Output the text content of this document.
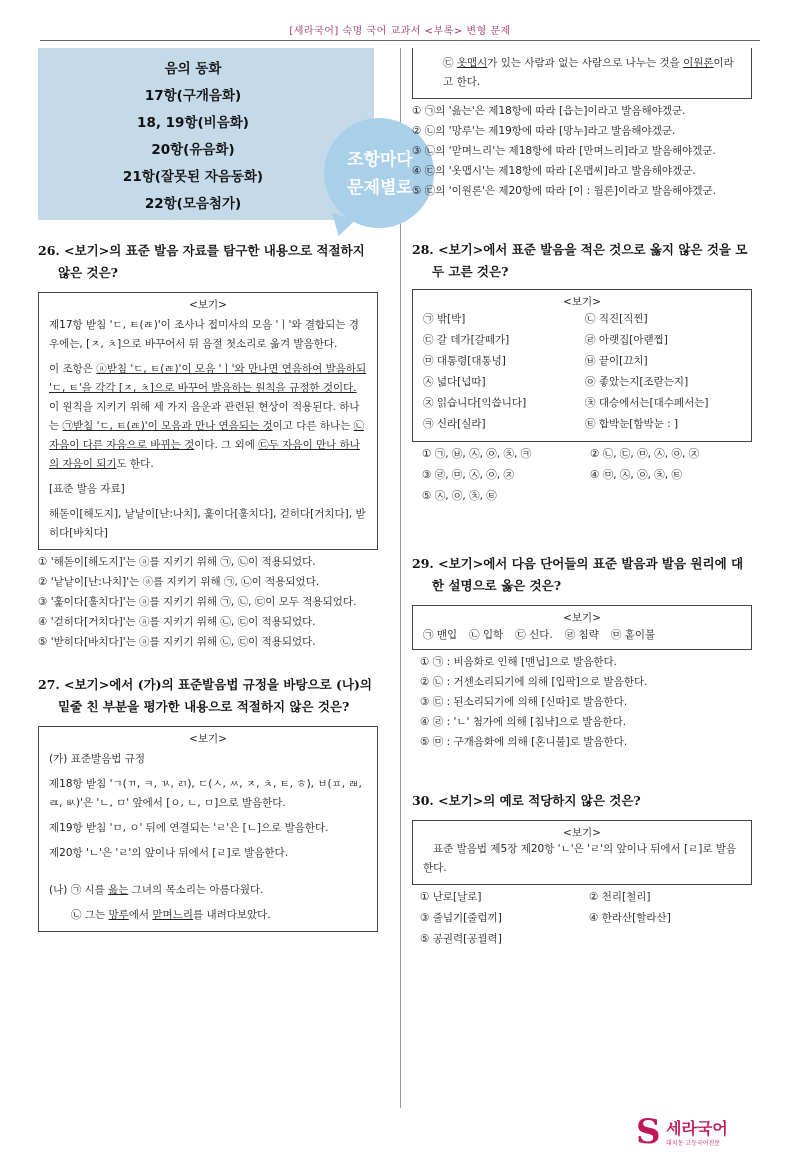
[세라국어] 숙명 국어 교과서 <부록> 변형 문제
음의 동화
17항(구개음화)
18, 19항(비음화)
20항(유음화)
21항(잘못된 자음동화)
22항(모음첨가)
조항마다
문제별로
26. <보기>의 표준 발음 자료를 탐구한 내용으로 적절하지 않은 것은?
<보기>

제17항 받침 'ㄷ, ㅌ(ㄾ)'이 조사나 접미사의 모음 'ㅣ'와 결합되는 경우에는, [ㅈ, ㅊ]으로 바꾸어서 뒤 음절 첫소리로 옮겨 발음한다.

이 조항은 ⓐ받침 'ㄷ, ㅌ(ㄾ)'이 모음 'ㅣ'와 만나면 연음하여 발음하되 'ㄷ, ㅌ'을 각각 [ㅈ, ㅊ]으로 바꾸어 발음하는 원칙을 규정한 것이다. 이 원칙을 지키기 위해 세 가지 음운과 관련된 현상이 적용된다. 하나는 ㉠받침 'ㄷ, ㅌ(ㄾ)'이 모음과 만나 연음되는 것이고 다른 하나는 ㉡자음이 다른 자음으로 바뀌는 것이다. 그 외에 ㉢두 자음이 만나 하나의 자음이 되기도 한다.

[표준 발음 자료]

해돋이[해도지], 낱낱이[난:나치], 훑이다[훌치다], 걷히다[거치다], 받히다[바치다]

① '해돋이[해도지]'는 ⓐ를 지키기 위해 ㉠, ㉡이 적용되었다.
② '낱낱이[난:나치]'는 ⓐ를 지키기 위해 ㉠, ㉡이 적용되었다.
③ '훑이다[훌치다]'는 ⓐ를 지키기 위해 ㉠, ㉡, ㉢이 모두 적용되었다.
④ '걷히다[거치다]'는 ⓐ를 지키기 위해 ㉡, ㉢이 적용되었다.
⑤ '받히다[바치다]'는 ⓐ를 지키기 위해 ㉡, ㉢이 적용되었다.
27. <보기>에서 (가)의 표준발음법 규정을 바탕으로 (나)의 밑줄 친 부분을 평가한 내용으로 적절하지 않은 것은?
<보기>

(가) 표준발음법 규정

제18항 받침 'ㄱ(ㄲ, ㅋ, ㄳ, ㄺ), ㄷ(ㅅ, ㅆ, ㅈ, ㅊ, ㅌ, ㅎ), ㅂ(ㅍ, ㄼ, ㄿ, ㅄ)'은 'ㄴ, ㅁ' 앞에서 [ㅇ, ㄴ, ㅁ]으로 발음한다.

제19항 받침 'ㅁ, ㅇ' 뒤에 연결되는 'ㄹ'은 [ㄴ]으로 발음한다.

제20항 'ㄴ'은 'ㄹ'의 앞이나 뒤에서 [ㄹ]로 발음한다.

(나) ㉠ 시를 읊는 그녀의 목소리는 아름다웠다.

㉡ 그는 망루에서 맏며느리를 내려다보았다.

㉢ 옷맵시가 있는 사람과 없는 사람으로 나누는 것을 이원론이라고 한다.

① ㉠의 '읊는'은 제18항에 따라 [읍는]이라고 발음해야겠군.
② ㉡의 '망루'는 제19항에 따라 [망누]라고 발음해야겠군.
③ ㉡의 '맏며느리'는 제18항에 따라 [만며느리]라고 발음해야겠군.
④ ㉢의 '옷맵시'는 제18항에 따라 [온맵씨]라고 발음해야겠군.
⑤ ㉢의 '이원론'은 제20항에 따라 [이 : 월론]이라고 발음해야겠군.
28. <보기>에서 표준 발음을 적은 것으로 옳지 않은 것을 모두 고른 것은?
<보기>
㉠ 밖[박]	㉡ 직진[직찐]
㉢ 갈 데가[갈떼가]	㉣ 아랫집[아랟찝]
㉤ 대통령[대통녕]	㉥ 끝이[끄치]
㉦ 넓다[넙따]	㉧ 좋았는지[조랃는지]
㉨ 읽습니다[익씁니다]	㉩ 대승에서는[대수페서는]
㉪ 신라[실라]	㉫ 합박눈[함박눈 : ]
① ㉠, ㉥, ㉦, ㉧, ㉩, ㉪	② ㉡, ㉢, ㉤, ㉦, ㉧, ㉨
③ ㉣, ㉤, ㉦, ㉧, ㉨	④ ㉤, ㉦, ㉧, ㉩, ㉫
⑤ ㉦, ㉧, ㉩, ㉫
29. <보기>에서 다음 단어들의 표준 발음과 발음 원리에 대한 설명으로 옳은 것은?
<보기>
㉠ 맨입 ㉡ 입학 ㉢ 신다. ㉣ 침략 ㉤ 홑이불
① ㉠ : 비음화로 인해 [맨닙]으로 발음한다.
② ㉡ : 거센소리되기에 의해 [입팍]으로 발음한다.
③ ㉢ : 된소리되기에 의해 [신따]로 발음한다.
④ ㉣ : 'ㄴ' 첨가에 의해 [침냑]으로 발음한다.
⑤ ㉤ : 구개음화에 의해 [혼니불]로 발음한다.
30. <보기>의 예로 적당하지 않은 것은?
<보기>

표준 발음법 제5장 제20항 'ㄴ'은 'ㄹ'의 앞이나 뒤에서 [ㄹ]로 발음한다.

① 난로[날로]	② 천리[철리]
③ 줄넘기[줄럼끼]	④ 한라산[할라산]
⑤ 공권력[공꿜력]
S 세라국어
대치동 고등국어전문
